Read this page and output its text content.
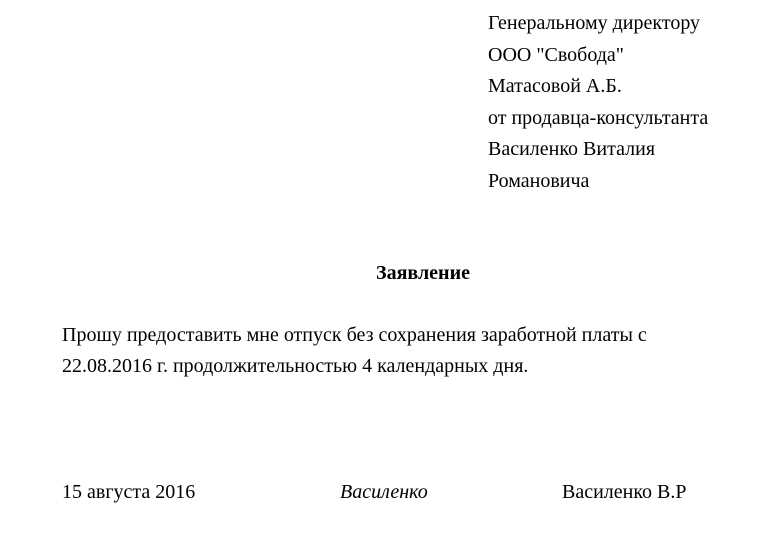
Генеральному директору
ООО "Свобода"
Матасовой А.Б.
от продавца-консультанта
Василенко Виталия
Романовича
Заявление
Прошу предоставить мне отпуск без сохранения заработной платы с
22.08.2016 г. продолжительностью 4 календарных дня.
15 августа 2016	Василенко	Василенко В.Р
